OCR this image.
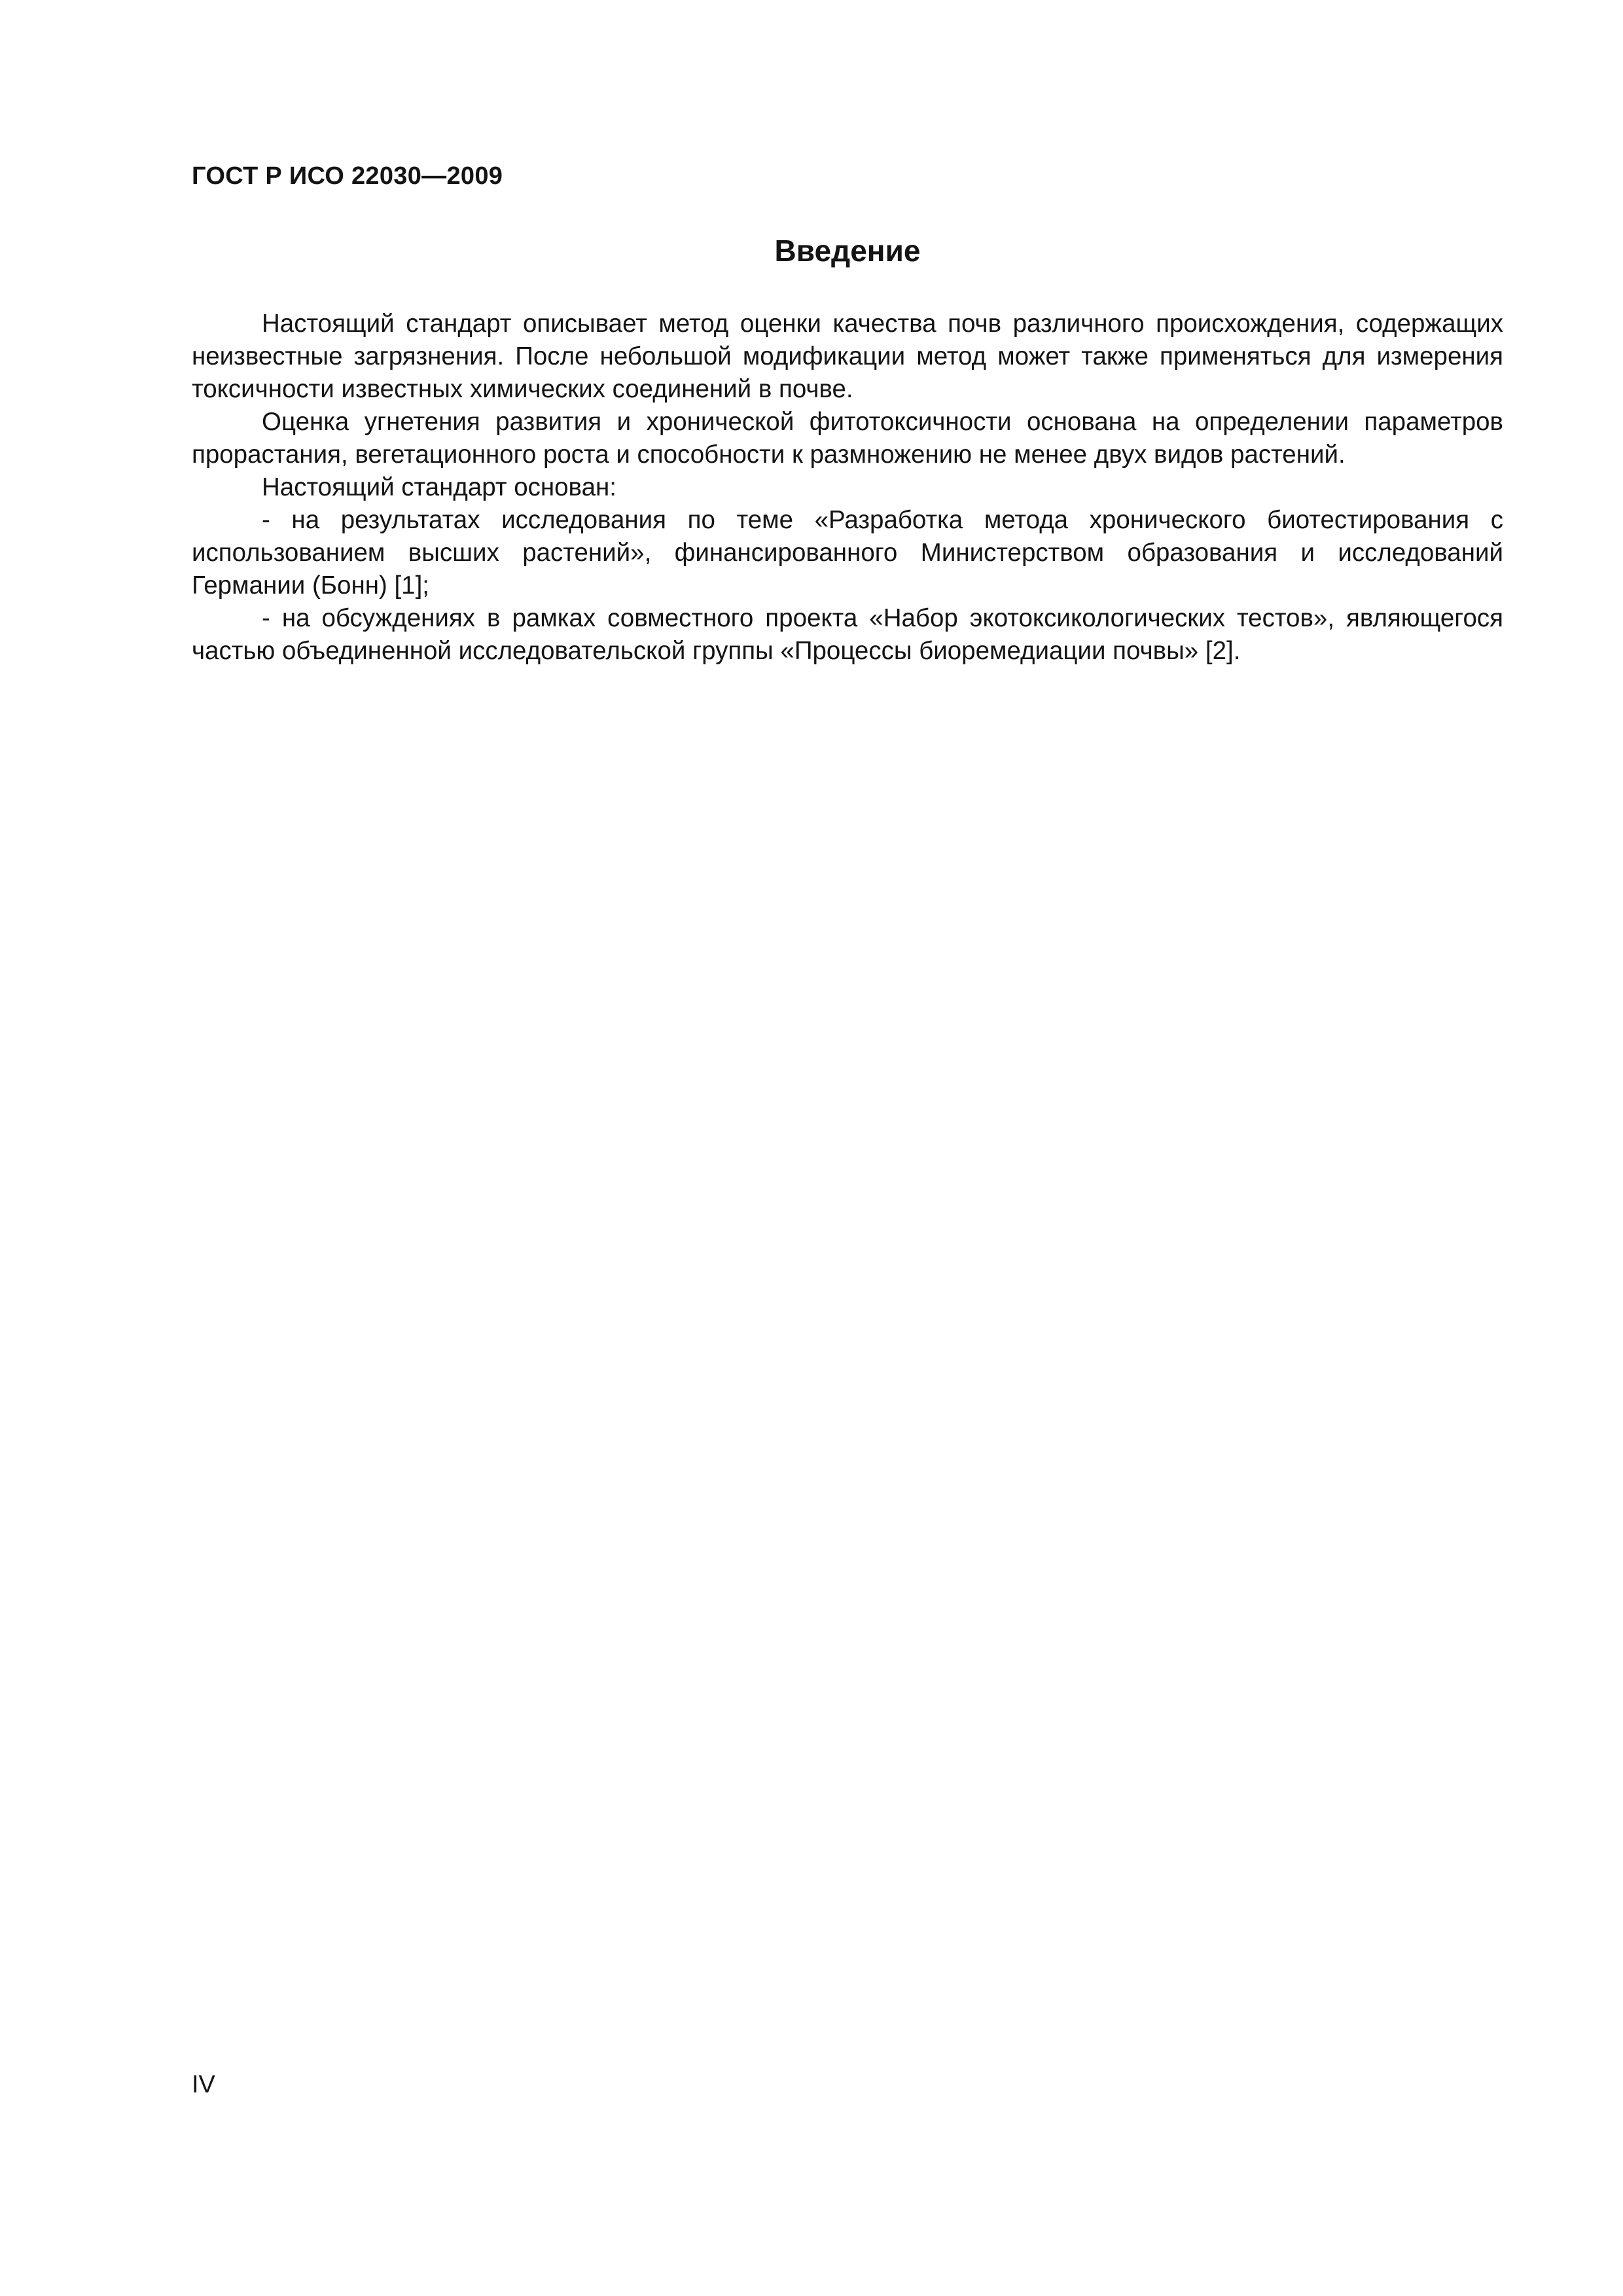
ГОСТ Р ИСО 22030—2009
Введение

Настоящий стандарт описывает метод оценки качества почв различного происхождения, содержащих неизвестные загрязнения. После небольшой модификации метод может также применяться для измерения токсичности известных химических соединений в почве.

Оценка угнетения развития и хронической фитотоксичности основана на определении параметров прорастания, вегетационного роста и способности к размножению не менее двух видов растений.

Настоящий стандарт основан:

- на результатах исследования по теме «Разработка метода хронического биотестирования с использованием высших растений», финансированного Министерством образования и исследований Германии (Бонн) [1];

- на обсуждениях в рамках совместного проекта «Набор экотоксикологических тестов», являющегося частью объединенной исследовательской группы «Процессы биоремедиации почвы» [2].

IV
